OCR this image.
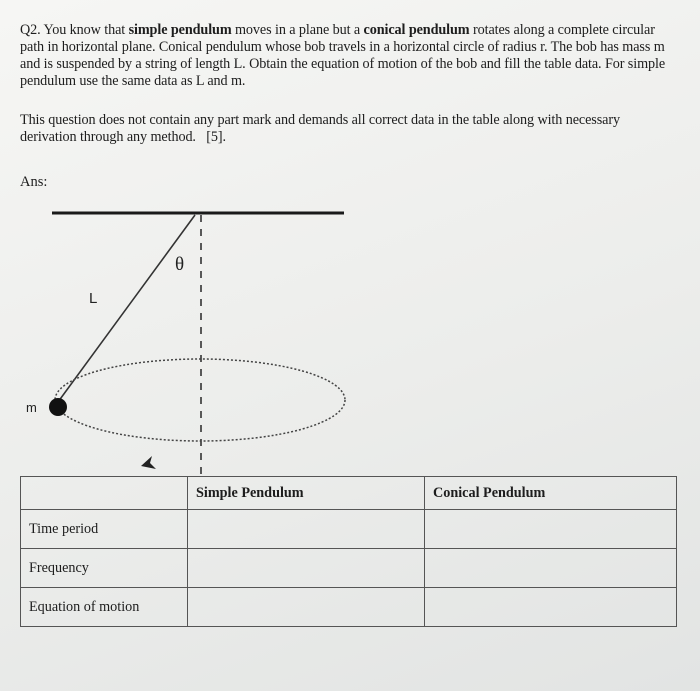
Q2. You know that simple pendulum moves in a plane but a conical pendulum rotates along a complete circular path in horizontal plane. Conical pendulum whose bob travels in a horizontal circle of radius r. The bob has mass m and is suspended by a string of length L. Obtain the equation of motion of the bob and fill the table data. For simple pendulum use the same data as L and m.
This question does not contain any part mark and demands all correct data in the table along with necessary derivation through any method. [5].
Ans:
θ
L
m
	Simple Pendulum	Conical Pendulum
Time period		
Frequency		
Equation of motion		
